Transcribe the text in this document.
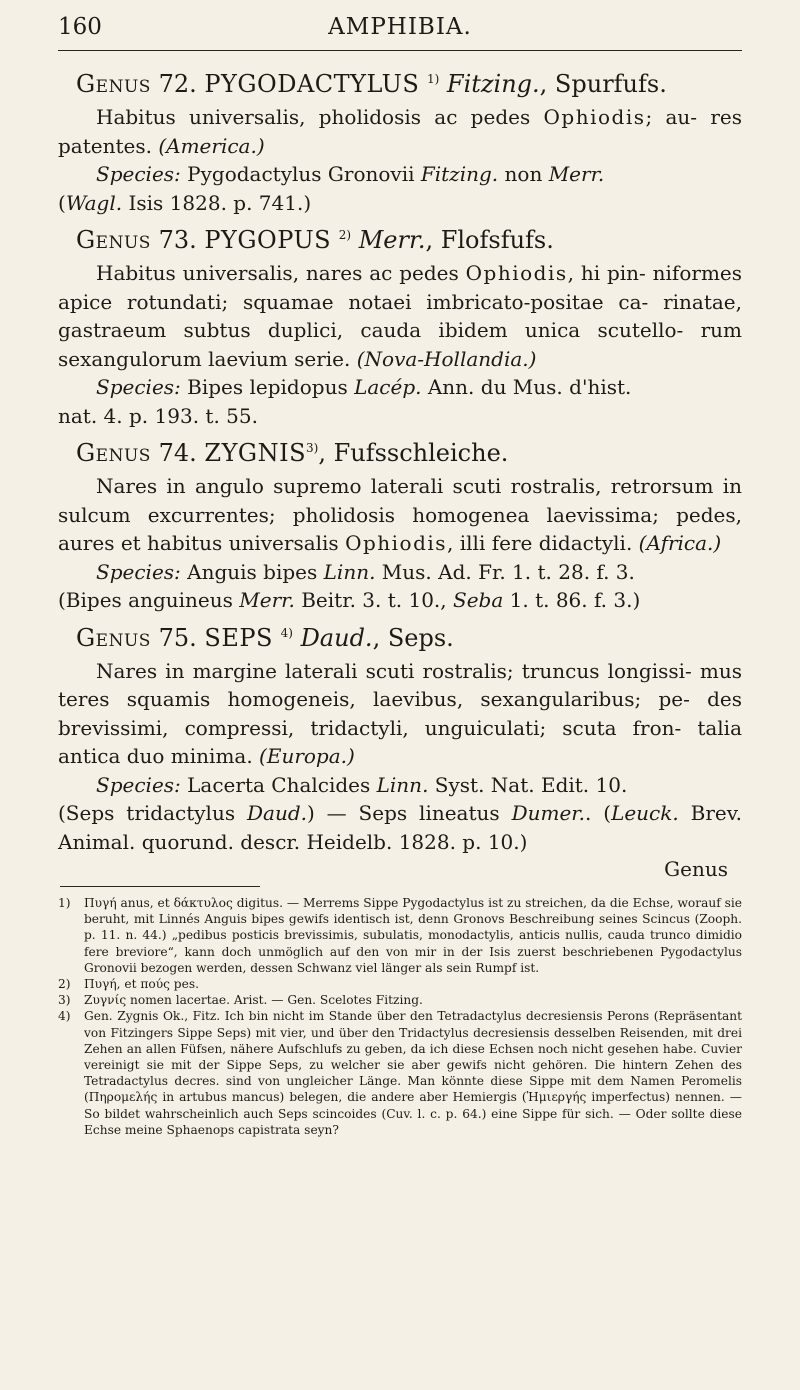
160	AMPHIBIA.
Genus 72. PYGODACTYLUS $^{1)}$ Fitzing., Spurfufs.

Habitus universalis, pholidosis ac pedes Ophiodis; au- res patentes. (America.)

Species: Pygodactylus Gronovii Fitzing. non Merr.

(Wagl. Isis 1828. p. 741.)

Genus 73. PYGOPUS $^{2)}$ Merr., Flofsfufs.

Habitus universalis, nares ac pedes Ophiodis, hi pin- niformes apice rotundati; squamae notaei imbricato-positae ca- rinatae, gastraeum subtus duplici, cauda ibidem unica scutello- rum sexangulorum laevium serie. (Nova-Hollandia.)

Species: Bipes lepidopus Lacép. Ann. du Mus. d'hist.

nat. 4. p. 193. t. 55.

Genus 74. ZYGNIS$^{3)}$, Fufsschleiche.

Nares in angulo supremo laterali scuti rostralis, retrorsum in sulcum excurrentes; pholidosis homogenea laevissima; pedes, aures et habitus universalis Ophiodis, illi fere didactyli. (Africa.)

Species: Anguis bipes Linn. Mus. Ad. Fr. 1. t. 28. f. 3.

(Bipes anguineus Merr. Beitr. 3. t. 10., Seba 1. t. 86. f. 3.)

Genus 75. SEPS $^{4)}$ Daud., Seps.

Nares in margine laterali scuti rostralis; truncus longissi- mus teres squamis homogeneis, laevibus, sexangularibus; pe- des brevissimi, compressi, tridactyli, unguiculati; scuta fron- talia antica duo minima. (Europa.)

Species: Lacerta Chalcides Linn. Syst. Nat. Edit. 10.

(Seps tridactylus Daud.) — Seps lineatus Dumer.. (Leuck. Brev. Animal. quorund. descr. Heidelb. 1828. p. 10.)

Genus
1)	Πυγή anus, et δάκτυλος digitus. — Merrems Sippe Pygodactylus ist zu streichen, da die Echse, worauf sie beruht, mit Linnés Anguis bipes gewifs identisch ist, denn Gronovs Beschreibung seines Scincus (Zooph. p. 11. n. 44.) „pedibus posticis brevissimis, subulatis, monodactylis, anticis nullis, cauda trunco dimidio fere breviore“, kann doch unmöglich auf den von mir in der Isis zuerst beschriebenen Pygodactylus Gronovii bezogen werden, dessen Schwanz viel länger als sein Rumpf ist.
2)	Πυγή, et πούς pes.
3)	Ζυγνίς nomen lacertae. Arist. — Gen. Scelotes Fitzing.
4)	Gen. Zygnis Ok., Fitz. Ich bin nicht im Stande über den Tetradactylus decresiensis Perons (Repräsentant von Fitzingers Sippe Seps) mit vier, und über den Tridactylus decresiensis desselben Reisenden, mit drei Zehen an allen Füfsen, nähere Aufschlufs zu geben, da ich diese Echsen noch nicht gesehen habe. Cuvier vereinigt sie mit der Sippe Seps, zu welcher sie aber gewifs nicht gehören. Die hintern Zehen des Tetradactylus decres. sind von ungleicher Länge. Man könnte diese Sippe mit dem Namen Peromelis (Πηρομελής in artubus mancus) belegen, die andere aber Hemiergis (Ἡμιεργής imperfectus) nennen. — So bildet wahrscheinlich auch Seps scincoides (Cuv. l. c. p. 64.) eine Sippe für sich. — Oder sollte diese Echse meine Sphaenops capistrata seyn?
